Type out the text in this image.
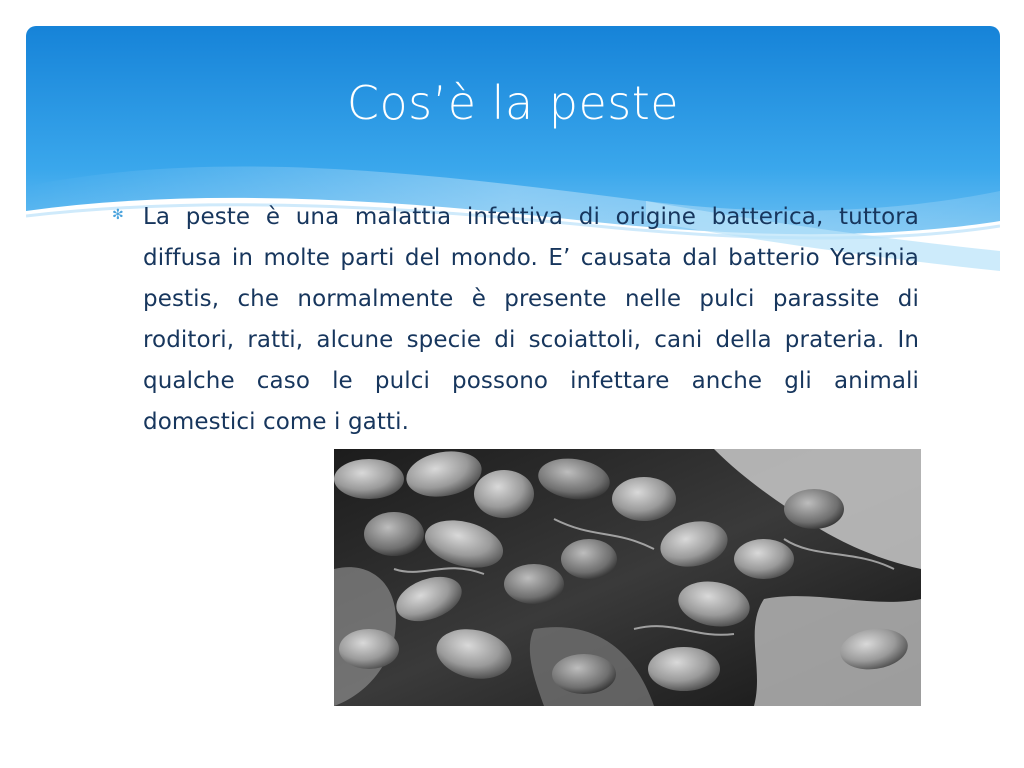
Cos’è la peste
✻ La peste è una malattia infettiva di origine batterica, tuttora diffusa in molte parti del mondo. E’ causata dal batterio Yersinia pestis, che normalmente è presente nelle pulci parassite di roditori, ratti, alcune specie di scoiattoli, cani della prateria. In qualche caso le pulci possono infettare anche gli animali domestici come i gatti.
